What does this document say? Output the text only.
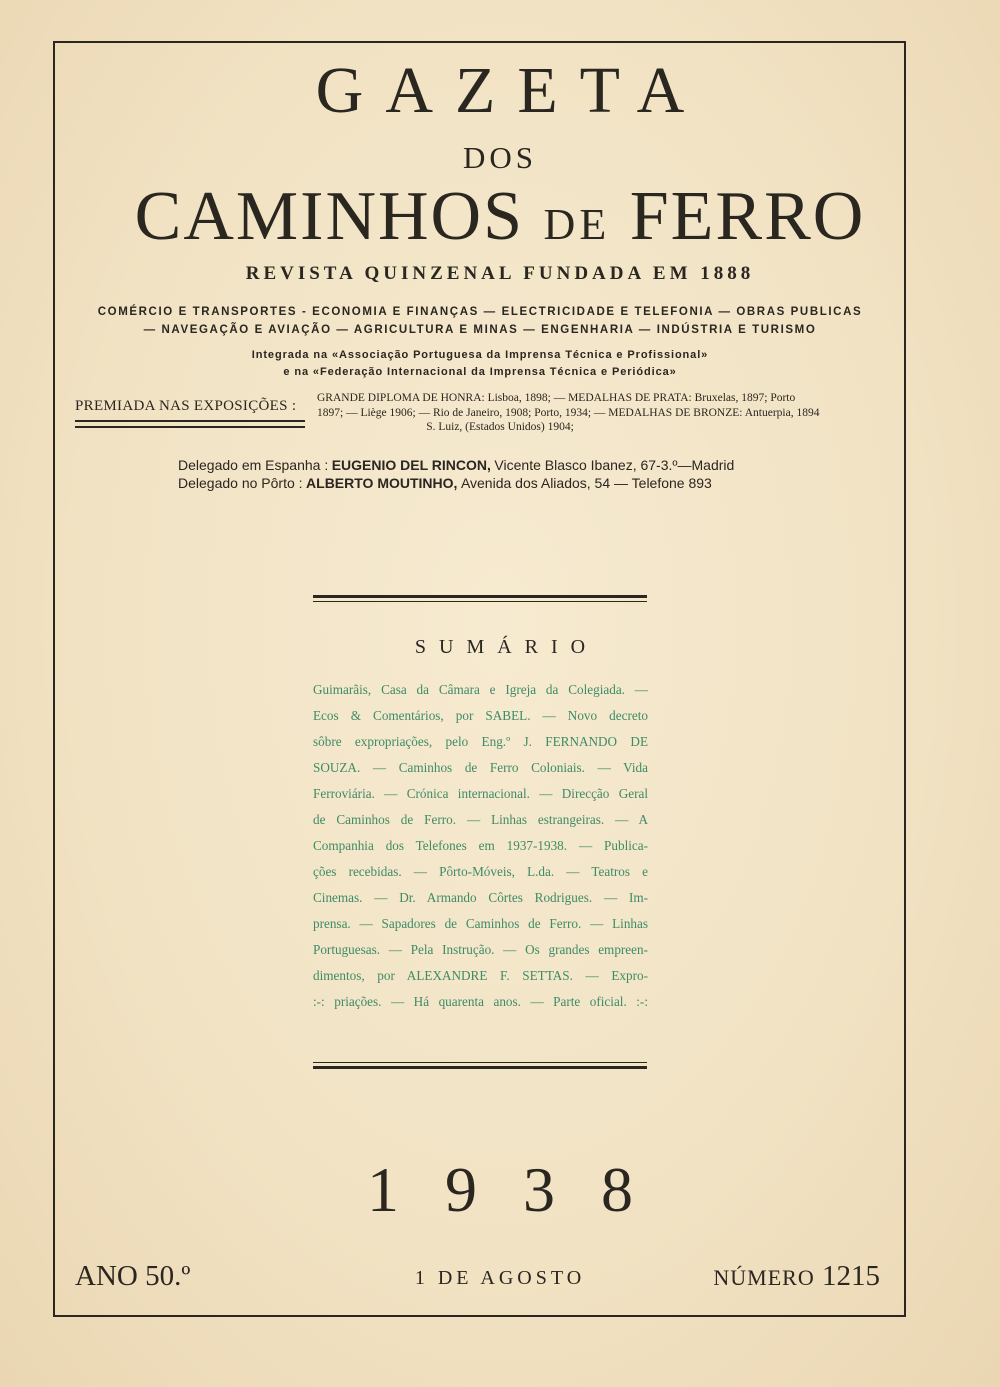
GAZETA
DOS
CAMINHOS DE FERRO
REVISTA QUINZENAL FUNDADA EM 1888
COMÉRCIO E TRANSPORTES - ECONOMIA E FINANÇAS — ELECTRICIDADE E TELEFONIA — OBRAS PUBLICAS
— NAVEGAÇÃO E AVIAÇÃO — AGRICULTURA E MINAS — ENGENHARIA — INDÚSTRIA E TURISMO
Integrada na «Associação Portuguesa da Imprensa Técnica e Profissional»
e na «Federação Internacional da Imprensa Técnica e Periódica»
PREMIADA NAS EXPOSIÇÕES : GRANDE DIPLOMA DE HONRA: Lisboa, 1898; — MEDALHAS DE PRATA: Bruxelas, 1897; Porto
1897; — Liège 1906; — Rio de Janeiro, 1908; Porto, 1934; — MEDALHAS DE BRONZE: Antuerpia, 1894
S. Luiz, (Estados Unidos) 1904;
Delegado em Espanha : EUGENIO DEL RINCON, Vicente Blasco Ibanez, 67-3.º—Madrid
Delegado no Pôrto : ALBERTO MOUTINHO, Avenida dos Aliados, 54 — Telefone 893
SUMÁRIO
Guimarãis, Casa da Câmara e Igreja da Colegiada. —
Ecos & Comentários, por SABEL. — Novo decreto
sôbre expropriações, pelo Eng.º J. FERNANDO DE
SOUZA. — Caminhos de Ferro Coloniais. — Vida
Ferroviária. — Crónica internacional. — Direcção Geral
de Caminhos de Ferro. — Linhas estrangeiras. — A
Companhia dos Telefones em 1937-1938. — Publica-
ções recebidas. — Pôrto-Móveis, L.da. — Teatros e
Cinemas. — Dr. Armando Côrtes Rodrigues. — Im-
prensa. — Sapadores de Caminhos de Ferro. — Linhas
Portuguesas. — Pela Instrução. — Os grandes empreen-
dimentos, por ALEXANDRE F. SETTAS. — Expro-
:-: priações. — Há quarenta anos. — Parte oficial. :-:
1938
ANO 50.º	1 DE AGOSTO	NÚMERO 1215
